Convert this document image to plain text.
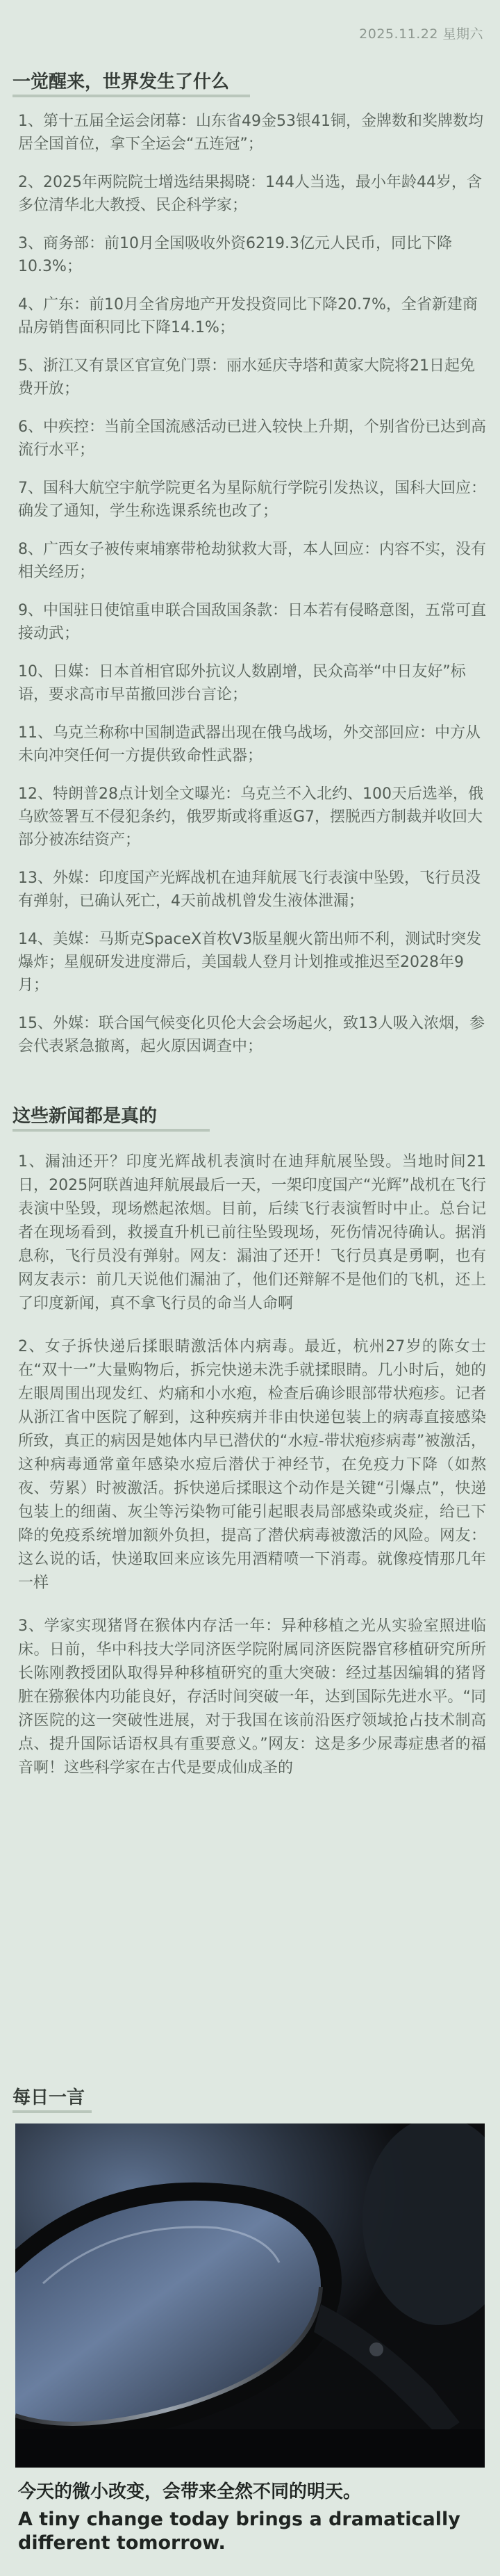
2025.11.22 星期六
一觉醒来，世界发生了什么
1、第十五届全运会闭幕：山东省49金53银41铜，金牌数和奖牌数均居全国首位，拿下全运会“五连冠”；
2、2025年两院院士增选结果揭晓：144人当选，最小年龄44岁，含多位清华北大教授、民企科学家；
3、商务部：前10月全国吸收外资6219.3亿元人民币，同比下降10.3%；
4、广东：前10月全省房地产开发投资同比下降20.7%，全省新建商品房销售面积同比下降14.1%；
5、浙江又有景区官宣免门票：丽水延庆寺塔和黄家大院将21日起免费开放；
6、中疾控：当前全国流感活动已进入较快上升期，个别省份已达到高流行水平；
7、国科大航空宇航学院更名为星际航行学院引发热议，国科大回应：确发了通知，学生称选课系统也改了；
8、广西女子被传柬埔寨带枪劫狱救大哥，本人回应：内容不实，没有相关经历；
9、中国驻日使馆重申联合国敌国条款：日本若有侵略意图，五常可直接动武；
10、日媒：日本首相官邸外抗议人数剧增，民众高举“中日友好”标语，要求高市早苗撤回涉台言论；
11、乌克兰称称中国制造武器出现在俄乌战场，外交部回应：中方从未向冲突任何一方提供致命性武器；
12、特朗普28点计划全文曝光：乌克兰不入北约、100天后选举，俄乌欧签署互不侵犯条约，俄罗斯或将重返G7，摆脱西方制裁并收回大部分被冻结资产；
13、外媒：印度国产光辉战机在迪拜航展飞行表演中坠毁，飞行员没有弹射，已确认死亡，4天前战机曾发生液体泄漏；
14、美媒：马斯克SpaceX首枚V3版星舰火箭出师不利，测试时突发爆炸；星舰研发进度滞后，美国载人登月计划推或推迟至2028年9月；
15、外媒：联合国气候变化贝伦大会会场起火，致13人吸入浓烟，参会代表紧急撤离，起火原因调查中；
这些新闻都是真的

1、漏油还开？印度光辉战机表演时在迪拜航展坠毁。当地时间21日，2025阿联酋迪拜航展最后一天，一架印度国产“光辉”战机在飞行表演中坠毁，现场燃起浓烟。目前，后续飞行表演暂时中止。总台记者在现场看到，救援直升机已前往坠毁现场，死伤情况待确认。据消息称，飞行员没有弹射。网友：漏油了还开！飞行员真是勇啊，也有网友表示：前几天说他们漏油了，他们还辩解不是他们的飞机，还上了印度新闻，真不拿飞行员的命当人命啊

2、女子拆快递后揉眼睛激活体内病毒。最近，杭州27岁的陈女士在“双十一”大量购物后，拆完快递未洗手就揉眼睛。几小时后，她的左眼周围出现发红、灼痛和小水疱，检查后确诊眼部带状疱疹。记者从浙江省中医院了解到，这种疾病并非由快递包装上的病毒直接感染所致，真正的病因是她体内早已潜伏的“水痘-带状疱疹病毒”被激活，这种病毒通常童年感染水痘后潜伏于神经节，在免疫力下降（如熬夜、劳累）时被激活。拆快递后揉眼这个动作是关键“引爆点”，快递包装上的细菌、灰尘等污染物可能引起眼表局部感染或炎症，给已下降的免疫系统增加额外负担，提高了潜伏病毒被激活的风险。网友：这么说的话，快递取回来应该先用酒精喷一下消毒。就像疫情那几年一样

3、学家实现猪肾在猴体内存活一年：异种移植之光从实验室照进临床。日前，华中科技大学同济医学院附属同济医院器官移植研究所所长陈刚教授团队取得异种移植研究的重大突破：经过基因编辑的猪肾脏在猕猴体内功能良好，存活时间突破一年，达到国际先进水平。“同济医院的这一突破性进展，对于我国在该前沿医疗领域抢占技术制高点、提升国际话语权具有重要意义。”网友：这是多少尿毒症患者的福音啊！这些科学家在古代是要成仙成圣的

每日一言
今天的微小改变，会带来全然不同的明天。
A tiny change today brings a dramatically different tomorrow.
